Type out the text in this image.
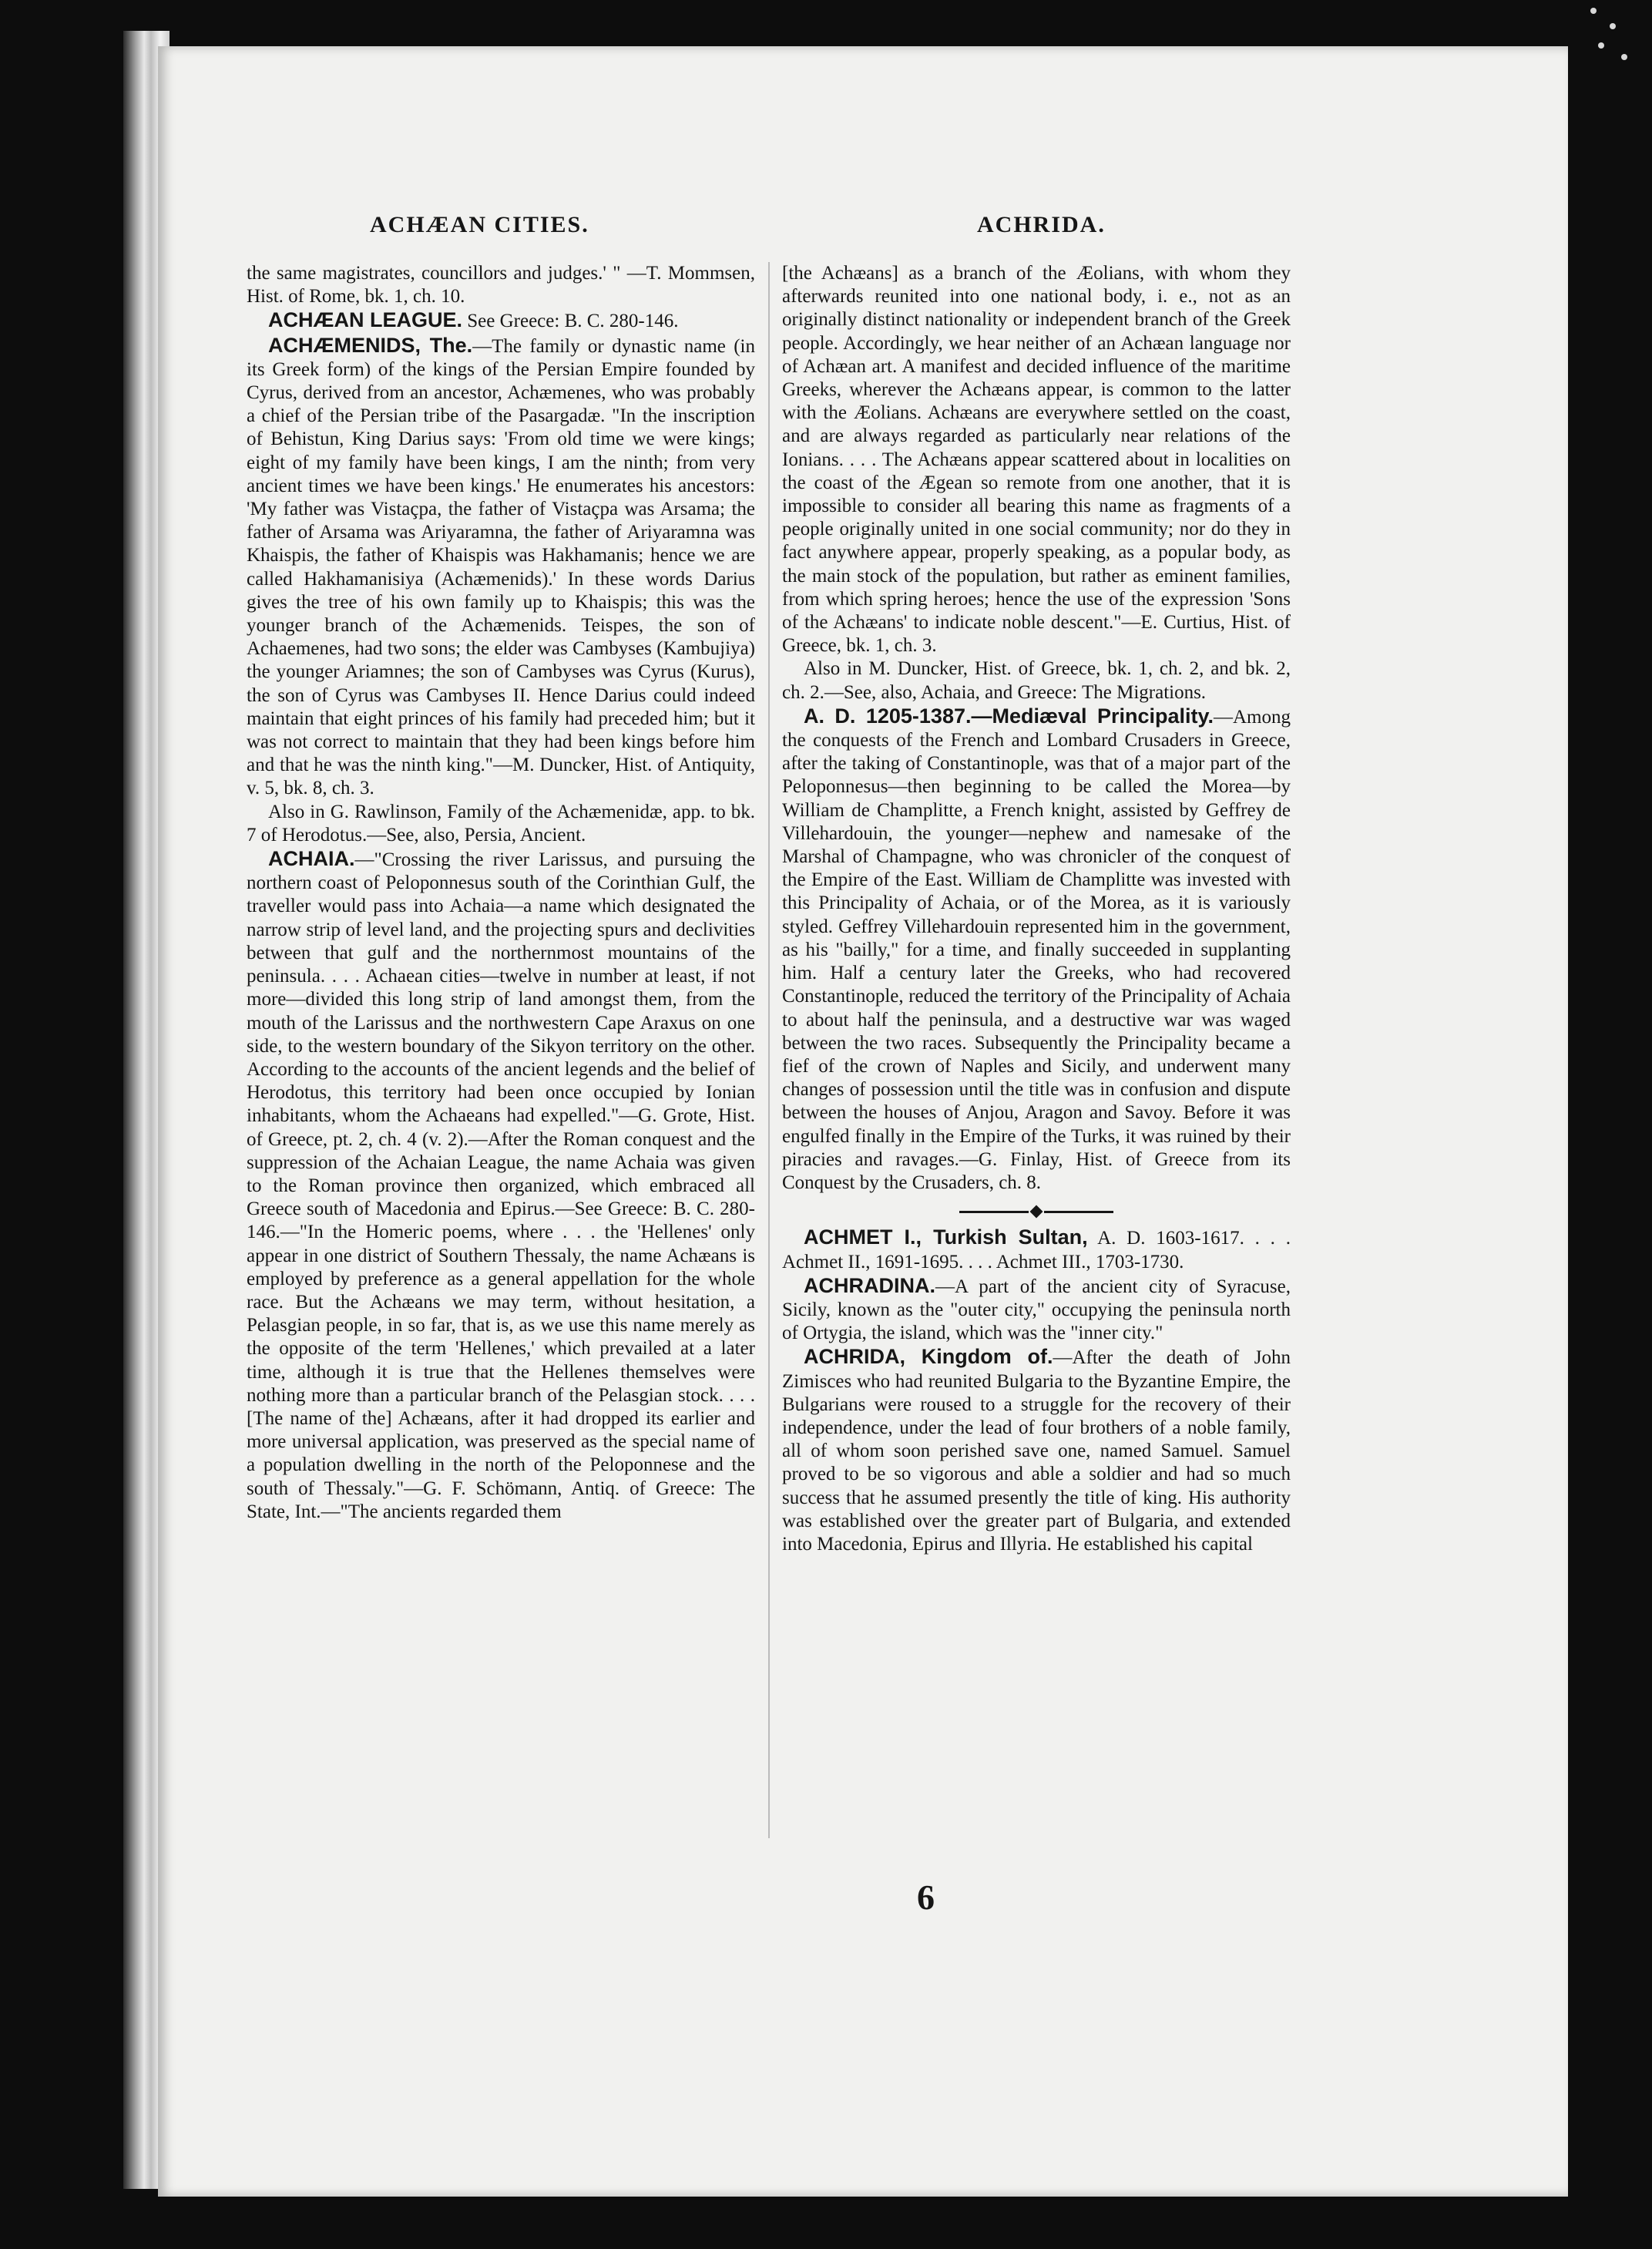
ACHÆAN CITIES.	ACHRIDA.

the same magistrates, councillors and judges.' " —T. Mommsen, Hist. of Rome, bk. 1, ch. 10.

ACHÆAN LEAGUE. See Greece: B. C. 280-146.

ACHÆMENIDS, The.—The family or dynastic name (in its Greek form) of the kings of the Persian Empire founded by Cyrus, derived from an ancestor, Achæmenes, who was probably a chief of the Persian tribe of the Pasargadæ. "In the inscription of Behistun, King Darius says: 'From old time we were kings; eight of my family have been kings, I am the ninth; from very ancient times we have been kings.' He enumerates his ancestors: 'My father was Vistaçpa, the father of Vistaçpa was Arsama; the father of Arsama was Ariyaramna, the father of Ariyaramna was Khaispis, the father of Khaispis was Hakhamanis; hence we are called Hakhamanisiya (Achæmenids).' In these words Darius gives the tree of his own family up to Khaispis; this was the younger branch of the Achæmenids. Teispes, the son of Achaemenes, had two sons; the elder was Cambyses (Kambujiya) the younger Ariamnes; the son of Cambyses was Cyrus (Kurus), the son of Cyrus was Cambyses II. Hence Darius could indeed maintain that eight princes of his family had preceded him; but it was not correct to maintain that they had been kings before him and that he was the ninth king."—M. Duncker, Hist. of Antiquity, v. 5, bk. 8, ch. 3.

Also in G. Rawlinson, Family of the Achæmenidæ, app. to bk. 7 of Herodotus.—See, also, Persia, Ancient.

ACHAIA.—"Crossing the river Larissus, and pursuing the northern coast of Peloponnesus south of the Corinthian Gulf, the traveller would pass into Achaia—a name which designated the narrow strip of level land, and the projecting spurs and declivities between that gulf and the northernmost mountains of the peninsula. . . . Achaean cities—twelve in number at least, if not more—divided this long strip of land amongst them, from the mouth of the Larissus and the northwestern Cape Araxus on one side, to the western boundary of the Sikyon territory on the other. According to the accounts of the ancient legends and the belief of Herodotus, this territory had been once occupied by Ionian inhabitants, whom the Achaeans had expelled."—G. Grote, Hist. of Greece, pt. 2, ch. 4 (v. 2).—After the Roman conquest and the suppression of the Achaian League, the name Achaia was given to the Roman province then organized, which embraced all Greece south of Macedonia and Epirus.—See Greece: B. C. 280-146.—"In the Homeric poems, where . . . the 'Hellenes' only appear in one district of Southern Thessaly, the name Achæans is employed by preference as a general appellation for the whole race. But the Achæans we may term, without hesitation, a Pelasgian people, in so far, that is, as we use this name merely as the opposite of the term 'Hellenes,' which prevailed at a later time, although it is true that the Hellenes themselves were nothing more than a particular branch of the Pelasgian stock. . . . [The name of the] Achæans, after it had dropped its earlier and more universal application, was preserved as the special name of a population dwelling in the north of the Peloponnese and the south of Thessaly."—G. F. Schömann, Antiq. of Greece: The State, Int.—"The ancients regarded them

[the Achæans] as a branch of the Æolians, with whom they afterwards reunited into one national body, i. e., not as an originally distinct nationality or independent branch of the Greek people. Accordingly, we hear neither of an Achæan language nor of Achæan art. A manifest and decided influence of the maritime Greeks, wherever the Achæans appear, is common to the latter with the Æolians. Achæans are everywhere settled on the coast, and are always regarded as particularly near relations of the Ionians. . . . The Achæans appear scattered about in localities on the coast of the Ægean so remote from one another, that it is impossible to consider all bearing this name as fragments of a people originally united in one social community; nor do they in fact anywhere appear, properly speaking, as a popular body, as the main stock of the population, but rather as eminent families, from which spring heroes; hence the use of the expression 'Sons of the Achæans' to indicate noble descent."—E. Curtius, Hist. of Greece, bk. 1, ch. 3.

Also in M. Duncker, Hist. of Greece, bk. 1, ch. 2, and bk. 2, ch. 2.—See, also, Achaia, and Greece: The Migrations.

A. D. 1205-1387.—Mediæval Principality.—Among the conquests of the French and Lombard Crusaders in Greece, after the taking of Constantinople, was that of a major part of the Peloponnesus—then beginning to be called the Morea—by William de Champlitte, a French knight, assisted by Geffrey de Villehardouin, the younger—nephew and namesake of the Marshal of Champagne, who was chronicler of the conquest of the Empire of the East. William de Champlitte was invested with this Principality of Achaia, or of the Morea, as it is variously styled. Geffrey Villehardouin represented him in the government, as his "bailly," for a time, and finally succeeded in supplanting him. Half a century later the Greeks, who had recovered Constantinople, reduced the territory of the Principality of Achaia to about half the peninsula, and a destructive war was waged between the two races. Subsequently the Principality became a fief of the crown of Naples and Sicily, and underwent many changes of possession until the title was in confusion and dispute between the houses of Anjou, Aragon and Savoy. Before it was engulfed finally in the Empire of the Turks, it was ruined by their piracies and ravages.—G. Finlay, Hist. of Greece from its Conquest by the Crusaders, ch. 8.

ACHMET I., Turkish Sultan, A. D. 1603-1617. . . . Achmet II., 1691-1695. . . . Achmet III., 1703-1730.

ACHRADINA.—A part of the ancient city of Syracuse, Sicily, known as the "outer city," occupying the peninsula north of Ortygia, the island, which was the "inner city."

ACHRIDA, Kingdom of.—After the death of John Zimisces who had reunited Bulgaria to the Byzantine Empire, the Bulgarians were roused to a struggle for the recovery of their independence, under the lead of four brothers of a noble family, all of whom soon perished save one, named Samuel. Samuel proved to be so vigorous and able a soldier and had so much success that he assumed presently the title of king. His authority was established over the greater part of Bulgaria, and extended into Macedonia, Epirus and Illyria. He established his capital

6
